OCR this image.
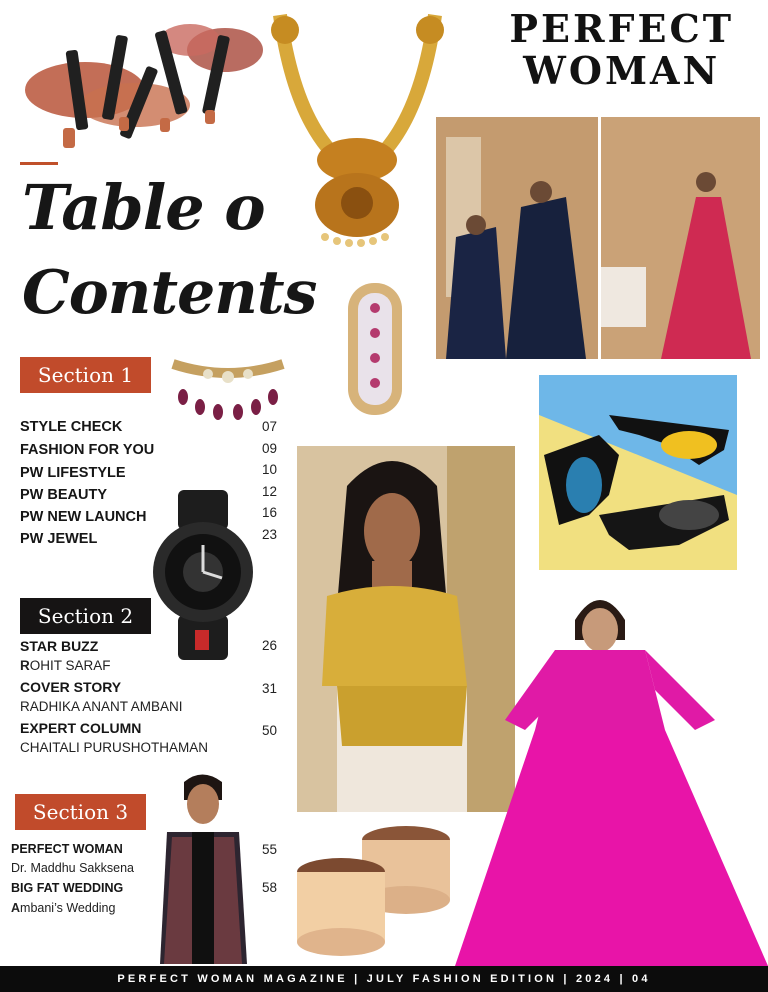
PERFECT
WOMAN
Table o
Contents
Section 1
STYLE CHECK	07
FASHION FOR YOU	09
PW LIFESTYLE	10
PW BEAUTY	12
PW NEW LAUNCH	16
PW JEWEL	23
Section 2
STAR BUZZ	26
ROHIT SARAF
COVER STORY	31
RADHIKA ANANT AMBANI
EXPERT COLUMN	50
CHAITALI PURUSHOTHAMAN
Section 3
PERFECT WOMAN	55
Dr. Maddhu Sakksena
BIG FAT WEDDING	58
Ambani’s Wedding
PERFECT WOMAN MAGAZINE | JULY FASHION EDITION | 2024 | 04
